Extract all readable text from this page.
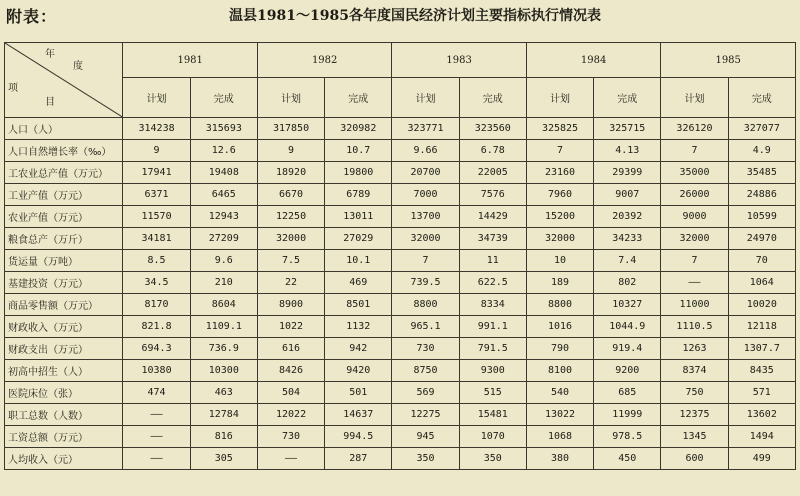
附表：	温县1981～1985各年度国民经济计划主要指标执行情况表
年
度
项
目	1981		1982		1983		1984		1985	
	计划	完成	计划	完成	计划	完成	计划	完成	计划	完成
人口（人）	314238	315693	317850	320982	323771	323560	325825	325715	326120	327077
人口自然增长率（‰）	9	12.6	9	10.7	9.66	6.78	7	4.13	7	4.9
工农业总产值（万元）	17941	19408	18920	19800	20700	22005	23160	29399	35000	35485
工业产值（万元）	6371	6465	6670	6789	7000	7576	7960	9007	26000	24886
农业产值（万元）	11570	12943	12250	13011	13700	14429	15200	20392	9000	10599
粮食总产（万斤）	34181	27209	32000	27029	32000	34739	32000	34233	32000	24970
货运量（万吨）	8.5	9.6	7.5	10.1	7	11	10	7.4	7	70
基建投资（万元）	34.5	210	22	469	739.5	622.5	189	802	——	1064
商品零售额（万元）	8170	8604	8900	8501	8800	8334	8800	10327	11000	10020
财政收入（万元）	821.8	1109.1	1022	1132	965.1	991.1	1016	1044.9	1110.5	12118
财政支出（万元）	694.3	736.9	616	942	730	791.5	790	919.4	1263	1307.7
初高中招生（人）	10380	10300	8426	9420	8750	9300	8100	9200	8374	8435
医院床位（张）	474	463	504	501	569	515	540	685	750	571
职工总数（人数）	——	12784	12022	14637	12275	15481	13022	11999	12375	13602
工资总额（万元）	——	816	730	994.5	945	1070	1068	978.5	1345	1494
人均收入（元）	——	305	——	287	350	350	380	450	600	499
